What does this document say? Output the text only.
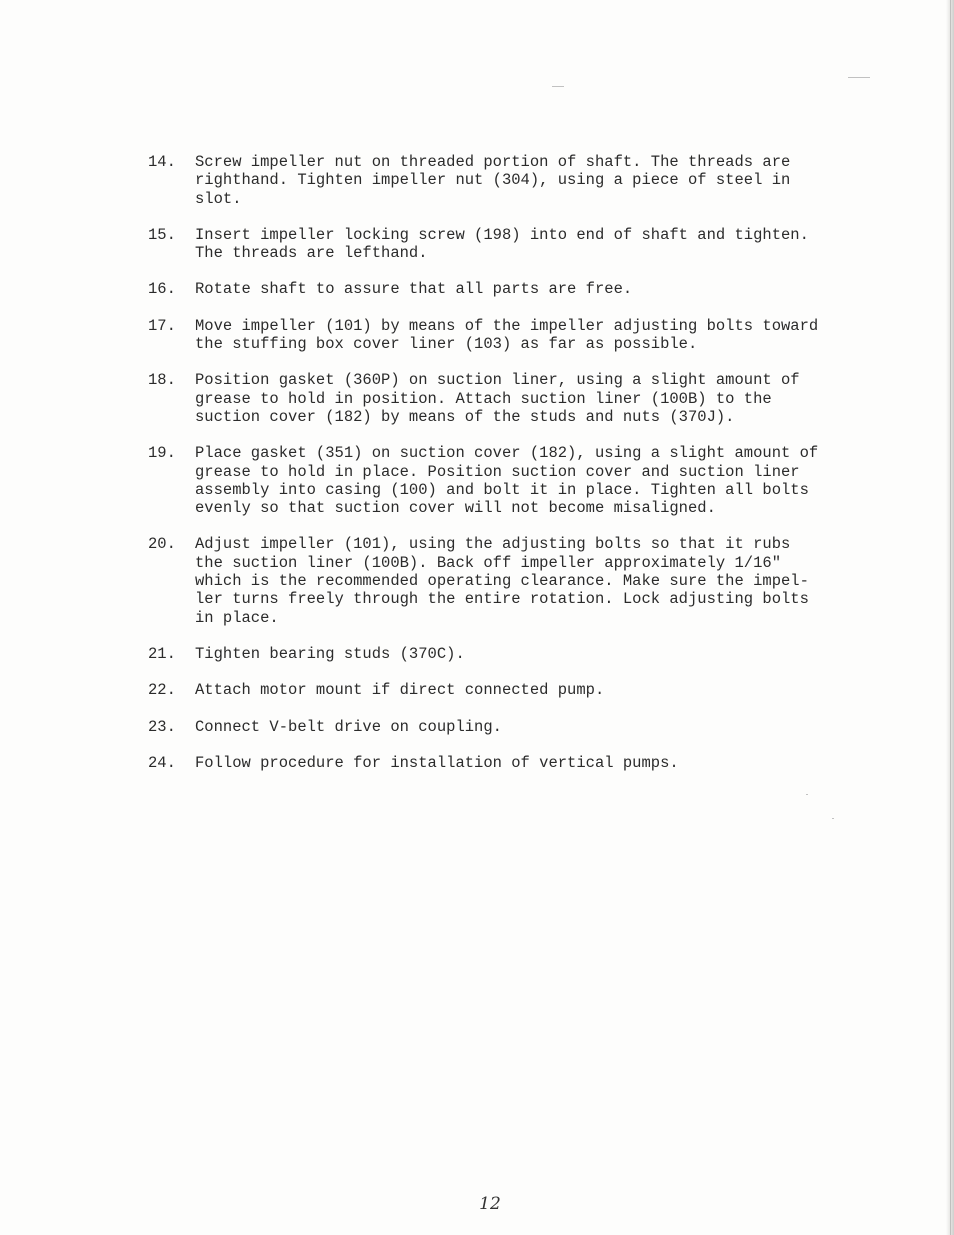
14.	Screw impeller nut on threaded portion of shaft. The threads are
righthand. Tighten impeller nut (304), using a piece of steel in
slot.
15.	Insert impeller locking screw (198) into end of shaft and tighten.
The threads are lefthand.
16.	Rotate shaft to assure that all parts are free.
17.	Move impeller (101) by means of the impeller adjusting bolts toward
the stuffing box cover liner (103) as far as possible.
18.	Position gasket (360P) on suction liner, using a slight amount of
grease to hold in position. Attach suction liner (100B) to the
suction cover (182) by means of the studs and nuts (370J).
19.	Place gasket (351) on suction cover (182), using a slight amount of
grease to hold in place. Position suction cover and suction liner
assembly into casing (100) and bolt it in place. Tighten all bolts
evenly so that suction cover will not become misaligned.
20.	Adjust impeller (101), using the adjusting bolts so that it rubs
the suction liner (100B). Back off impeller approximately 1/16"
which is the recommended operating clearance. Make sure the impel-
ler turns freely through the entire rotation. Lock adjusting bolts
in place.
21.	Tighten bearing studs (370C).
22.	Attach motor mount if direct connected pump.
23.	Connect V-belt drive on coupling.
24.	Follow procedure for installation of vertical pumps.
12
